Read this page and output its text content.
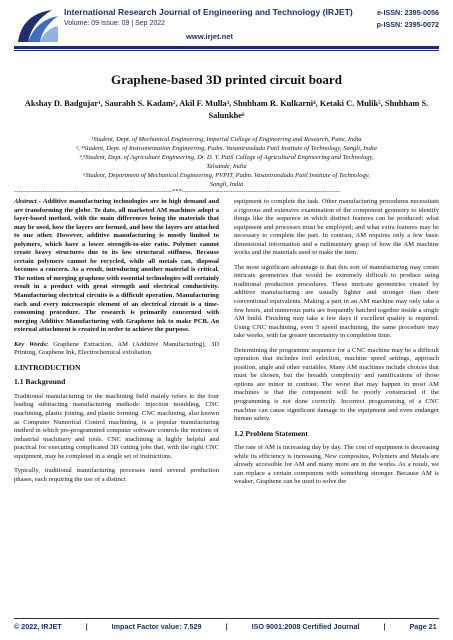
International Research Journal of Engineering and Technology (IRJET)
Volume: 09 Issue: 09 | Sep 2022
www.irjet.net
e-ISSN: 2395-0056
p-ISSN: 2395-0072
Graphene-based 3D printed circuit board
Akshay D. Badgujar¹, Saurabh S. Kadam², Akil F. Mulla³, Shubham R. Kulkarni⁴, Ketaki C. Mulik⁵, Shubham S. Salunkhe⁶
¹Student, Dept. of Mechanical Engineering, Imperial College of Engineering and Research, Pune, India
², ⁴Student, Dept. of Instrumentation Engineering, Padm. Vasantraodada Patil Institute of Technology, Sangli, India
³,⁵Student, Dept. of Agriculture Engineering, Dr. D. Y. Patil College of Agricultural Engineering and Technology,
Talsande, India
⁶Student, Department of Mechanical Engineering, PVPIT, Padm. Vasantraodada Patil Institute of Technology,
Sangli, India
------------------------------------------------------------------------***------------------------------------------------------------------------

Abstract - Additive manufacturing technologies are in high demand and are transforming the globe. To date, all marketed AM machines adopt a layer-based method, with the main differences being the materials that may be used, how the layers are formed, and how the layers are attached to one other. However, additive manufacturing is mostly limited to polymers, which have a lower strength-to-size ratio. Polymer cannot create heavy structures due to its low structural stiffness. Because certain polymers cannot be recycled, while all metals can, disposal becomes a concern. As a result, introducing another material is critical. The notion of merging graphene with essential technologies will certainly result in a product with great strength and electrical conductivity. Manufacturing electrical circuits is a difficult operation. Manufacturing each and every microscopic element of an electrical circuit is a time-consuming procedure. The research is primarily concerned with merging Additive Manufacturing with Graphene ink to make PCB. An external attachment is created in order to achieve the purpose.

Key Words: Graphene Extraction, AM (Additive Manufacturing), 3D Printing, Graphene Ink, Electrochemical exfoliation.

1.INTRODUCTION
1.1 Background

Traditional manufacturing in the machining field mainly refers to the four leading subtracting manufacturing methods: injection moulding, CNC machining, plastic joining, and plastic forming. CNC machining, also known as Computer Numerical Control machining, is a popular manufacturing method in which pre-programmed computer software controls the motions of industrial machinery and tools. CNC machining is highly helpful and practical for executing complicated 3D cutting jobs that, with the right CNC equipment, may be completed in a single set of instructions.

Typically, traditional manufacturing processes need several production phases, each requiring the use of a distinct

equipment to complete the task. Other manufacturing procedures necessitate a rigorous and extensive examination of the component geometry to identify things like the sequence in which distinct features can be produced; what equipment and processes must be employed; and what extra features may be necessary to complete the part. In contrast, AM requires only a few basic dimensional information and a rudimentary grasp of how the AM machine works and the materials used to make the item.

The most significant advantage is that this sort of manufacturing may create intricate geometries that would be extremely difficult to produce using traditional production procedures. These intricate geometries created by additive manufacturing are usually lighter and stronger than their conventional equivalents. Making a part in an AM machine may only take a few hours, and numerous parts are frequently batched together inside a single AM build. Finishing may take a few days if excellent quality is required. Using CNC machining, even 5 speed machining, the same procedure may take weeks, with far greater uncertainty in completion time.

Determining the programme sequence for a CNC machine may be a difficult operation that includes tool selection, machine speed settings, approach position, angle and other variables. Many AM machines include choices that must be chosen, but the breadth complexity and ramifications of those options are minor in contrast. The worst that may happen in most AM machines is that the component will be poorly constructed if the programming is not done correctly. Incorrect programming of a CNC machine can cause significant damage to the equipment and even endanger human safety.

1.2 Problem Statement

The rate of AM is increasing day by day. The cost of equipment is decreasing while its efficiency is increasing. New composites, Polymers and Metals are already accessible for AM and many more are in the works. As a result, we can replace a certain component with something stronger. Because AM is weaker, Graphene can be used to solve the

© 2022, IRJET	|	Impact Factor value: 7.529	|	ISO 9001:2008 Certified Journal	|	Page 21
